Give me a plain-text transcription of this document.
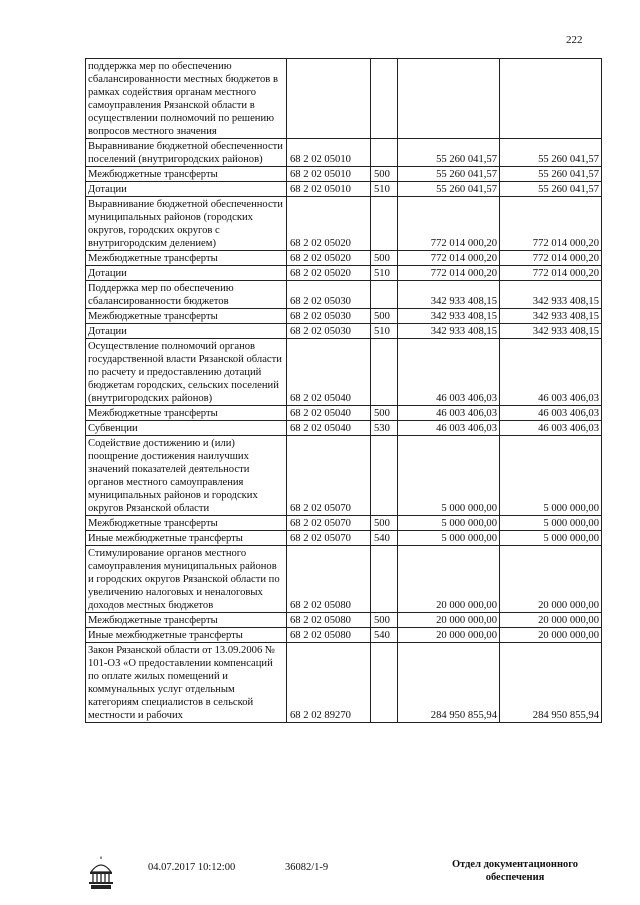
222
поддержка мер по обеспечению сбалансированности местных бюджетов в рамках содействия органам местного самоуправления Рязанской области в осуществлении полномочий по решению вопросов местного значения				
Выравнивание бюджетной обеспеченности поселений (внутригородских районов)	68 2 02 05010		55 260 041,57	55 260 041,57
Межбюджетные трансферты	68 2 02 05010	500	55 260 041,57	55 260 041,57
Дотации	68 2 02 05010	510	55 260 041,57	55 260 041,57
Выравнивание бюджетной обеспеченности муниципальных районов (городских округов, городских округов с внутригородским делением)	68 2 02 05020		772 014 000,20	772 014 000,20
Межбюджетные трансферты	68 2 02 05020	500	772 014 000,20	772 014 000,20
Дотации	68 2 02 05020	510	772 014 000,20	772 014 000,20
Поддержка мер по обеспечению сбалансированности бюджетов	68 2 02 05030		342 933 408,15	342 933 408,15
Межбюджетные трансферты	68 2 02 05030	500	342 933 408,15	342 933 408,15
Дотации	68 2 02 05030	510	342 933 408,15	342 933 408,15
Осуществление полномочий органов государственной власти Рязанской области по расчету и предоставлению дотаций бюджетам городских, сельских поселений (внутригородских районов)	68 2 02 05040		46 003 406,03	46 003 406,03
Межбюджетные трансферты	68 2 02 05040	500	46 003 406,03	46 003 406,03
Субвенции	68 2 02 05040	530	46 003 406,03	46 003 406,03
Содействие достижению и (или) поощрение достижения наилучших значений показателей деятельности органов местного самоуправления муниципальных районов и городских округов Рязанской области	68 2 02 05070		5 000 000,00	5 000 000,00
Межбюджетные трансферты	68 2 02 05070	500	5 000 000,00	5 000 000,00
Иные межбюджетные трансферты	68 2 02 05070	540	5 000 000,00	5 000 000,00
Стимулирование органов местного самоуправления муниципальных районов и городских округов Рязанской области по увеличению налоговых и неналоговых доходов местных бюджетов	68 2 02 05080		20 000 000,00	20 000 000,00
Межбюджетные трансферты	68 2 02 05080	500	20 000 000,00	20 000 000,00
Иные межбюджетные трансферты	68 2 02 05080	540	20 000 000,00	20 000 000,00
Закон Рязанской области от 13.09.2006 № 101-ОЗ «О предоставлении компенсаций по оплате жилых помещений и коммунальных услуг отдельным категориям специалистов в сельской местности и рабочих	68 2 02 89270		284 950 855,94	284 950 855,94
04.07.2017 10:12:00	36082/1-9	Отдел документационного обеспечения
